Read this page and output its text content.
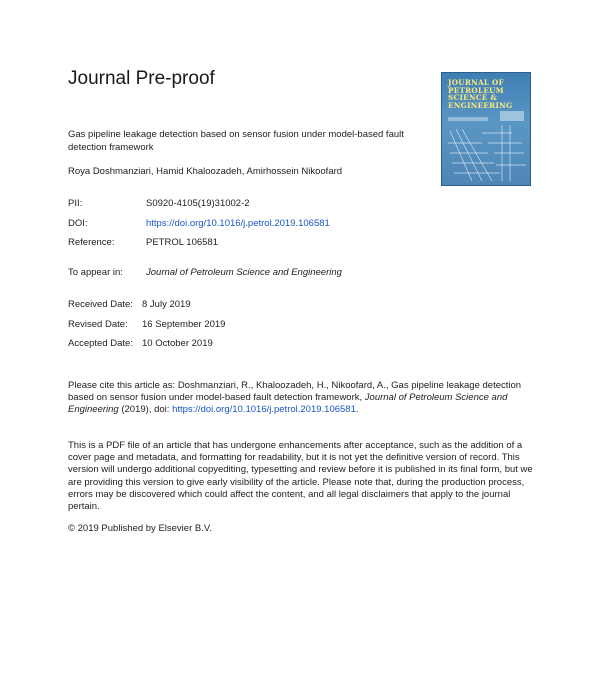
Journal Pre-proof	JOURNAL OF
PETROLEUM
SCIENCE &
ENGINEERING
Gas pipeline leakage detection based on sensor fusion under model-based fault detection framework
Roya Doshmanziari, Hamid Khaloozadeh, Amirhossein Nikoofard
PII:	S0920-4105(19)31002-2
DOI:	https://doi.org/10.1016/j.petrol.2019.106581
Reference:	PETROL 106581
To appear in: Journal of Petroleum Science and Engineering
Received Date: 8 July 2019
Revised Date: 16 September 2019
Accepted Date: 10 October 2019
Please cite this article as: Doshmanziari, R., Khaloozadeh, H., Nikoofard, A., Gas pipeline leakage detection based on sensor fusion under model-based fault detection framework, Journal of Petroleum Science and Engineering (2019), doi: https://doi.org/10.1016/j.petrol.2019.106581.
This is a PDF file of an article that has undergone enhancements after acceptance, such as the addition of a cover page and metadata, and formatting for readability, but it is not yet the definitive version of record. This version will undergo additional copyediting, typesetting and review before it is published in its final form, but we are providing this version to give early visibility of the article. Please note that, during the production process, errors may be discovered which could affect the content, and all legal disclaimers that apply to the journal pertain.
© 2019 Published by Elsevier B.V.
